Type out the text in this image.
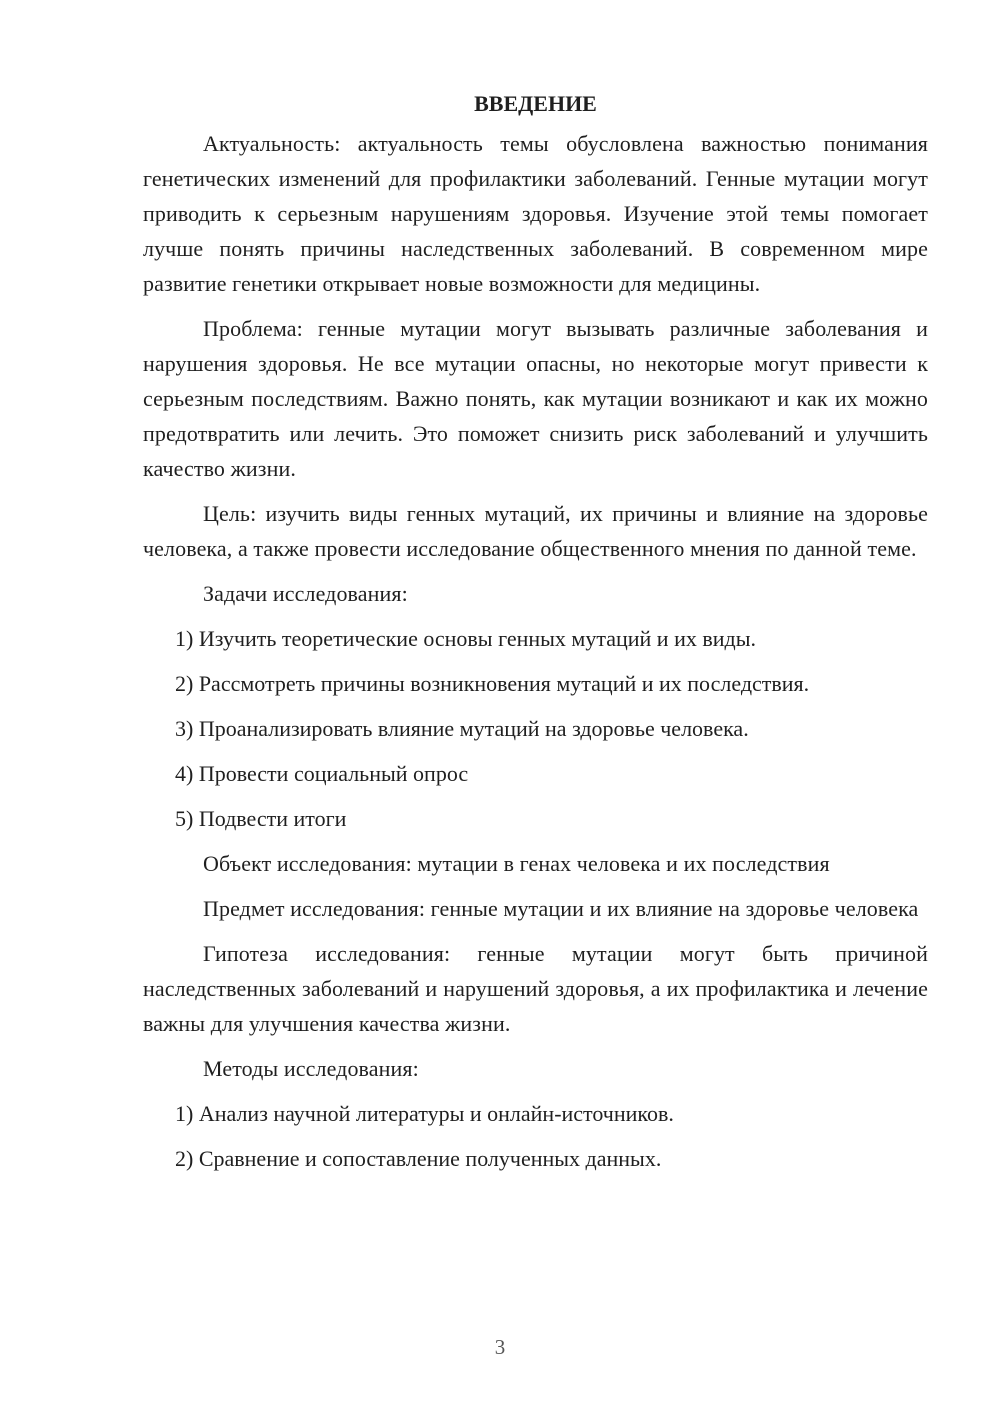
ВВЕДЕНИЕ

Актуальность: актуальность темы обусловлена важностью понимания генетических изменений для профилактики заболеваний. Генные мутации могут приводить к серьезным нарушениям здоровья. Изучение этой темы помогает лучше понять причины наследственных заболеваний. В современном мире развитие генетики открывает новые возможности для медицины.

Проблема: генные мутации могут вызывать различные заболевания и нарушения здоровья. Не все мутации опасны, но некоторые могут привести к серьезным последствиям. Важно понять, как мутации возникают и как их можно предотвратить или лечить. Это поможет снизить риск заболеваний и улучшить качество жизни.

Цель: изучить виды генных мутаций, их причины и влияние на здоровье человека, а также провести исследование общественного мнения по данной теме.

Задачи исследования:

1) Изучить теоретические основы генных мутаций и их виды.
2) Рассмотреть причины возникновения мутаций и их последствия.
3) Проанализировать влияние мутаций на здоровье человека.
4) Провести социальный опрос
5) Подвести итоги

Объект исследования: мутации в генах человека и их последствия

Предмет исследования: генные мутации и их влияние на здоровье человека

Гипотеза исследования: генные мутации могут быть причиной наследственных заболеваний и нарушений здоровья, а их профилактика и лечение важны для улучшения качества жизни.

Методы исследования:

1) Анализ научной литературы и онлайн-источников.
2) Сравнение и сопоставление полученных данных.
3
